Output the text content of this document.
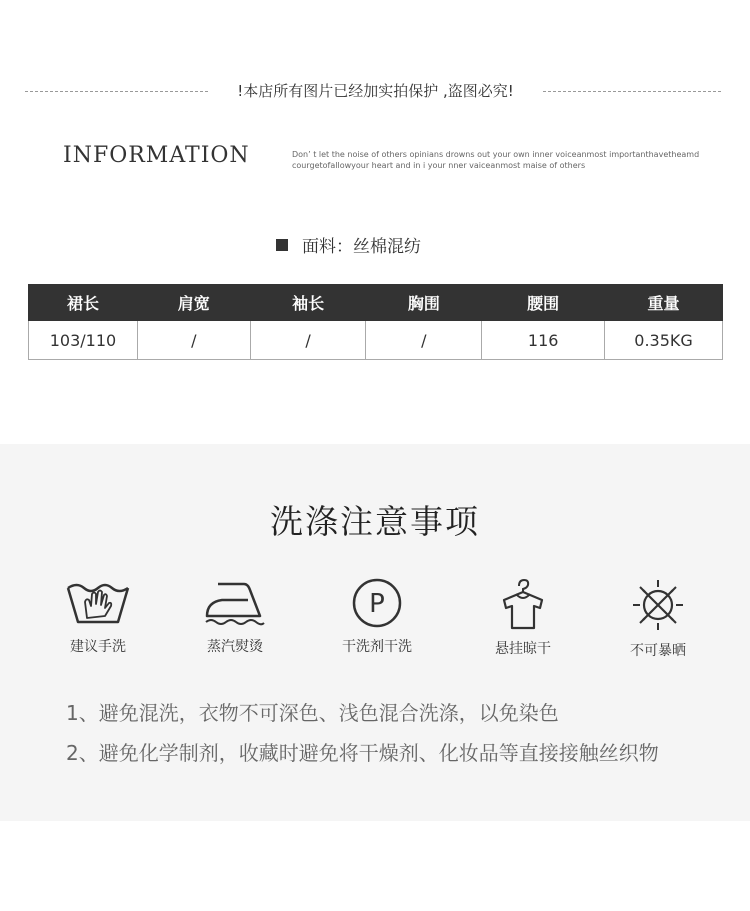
!本店所有图片已经加实拍保护 ,盗图必究!
INFORMATION	Don’ t let the noise of others opinians drowns out your own inner voiceanmost importanthavetheamd
courgetofallowyour heart and in i your nner vaiceanmost maise of others
面料：丝棉混纺
裙长	肩宽	袖长	胸围	腰围	重量
103/110	/	/	/	116	0.35KG
洗涤注意事项
建议手洗	蒸汽熨烫
P
干洗剂干洗	悬挂晾干	不可暴晒
1、避免混洗，衣物不可深色、浅色混合洗涤，以免染色
2、避免化学制剂，收藏时避免将干燥剂、化妆品等直接接触丝织物
